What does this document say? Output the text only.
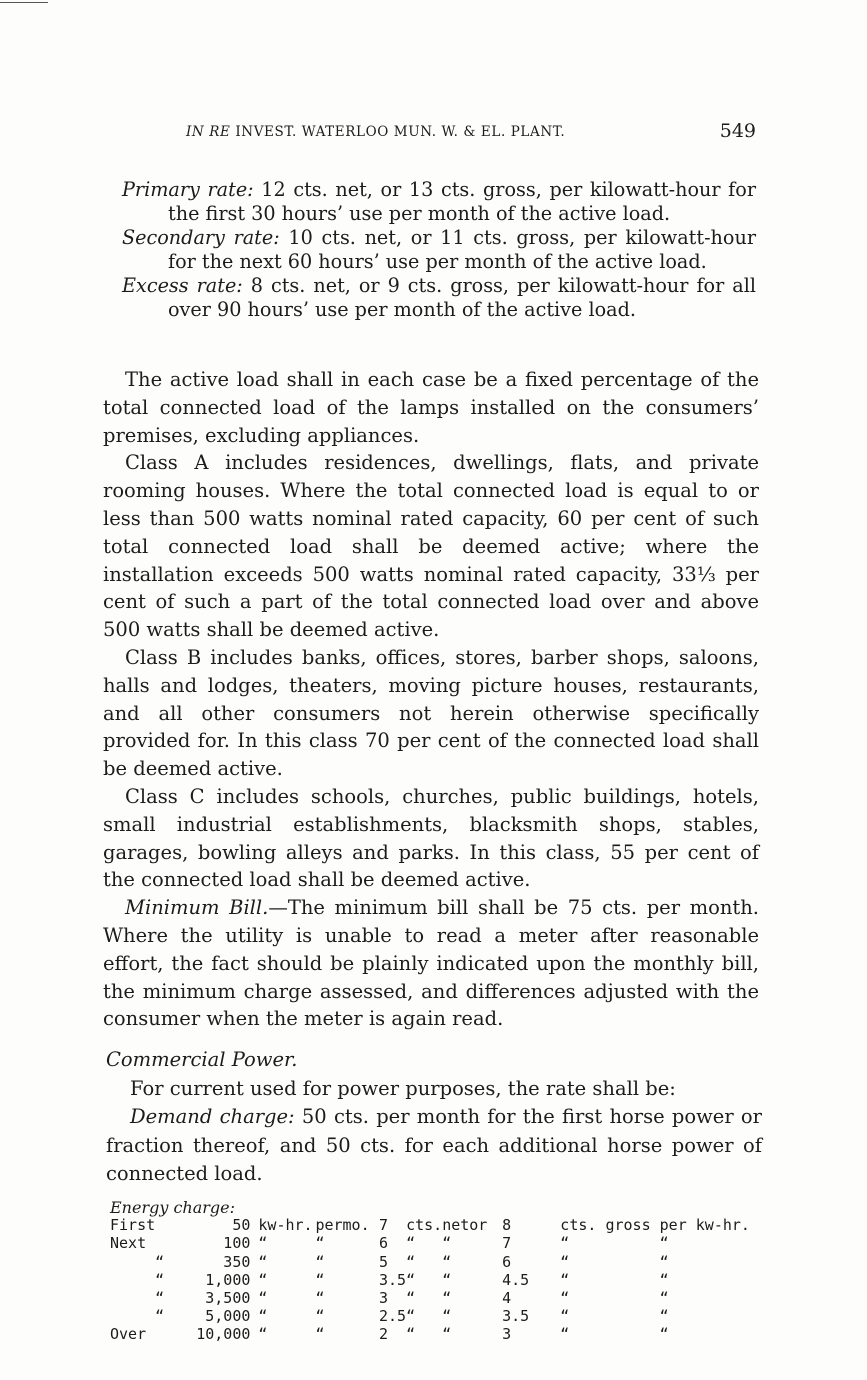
IN RE INVEST. WATERLOO MUN. W. & EL. PLANT.	549

Primary rate: 12 cts. net, or 13 cts. gross, per kilowatt-hour for the first 30 hours’ use per month of the active load.

Secondary rate: 10 cts. net, or 11 cts. gross, per kilowatt-hour for the next 60 hours’ use per month of the active load.

Excess rate: 8 cts. net, or 9 cts. gross, per kilowatt-hour for all over 90 hours’ use per month of the active load.

The active load shall in each case be a fixed percentage of the total connected load of the lamps installed on the consumers’ premises, excluding appliances.

Class A includes residences, dwellings, flats, and private rooming houses. Where the total connected load is equal to or less than 500 watts nominal rated capacity, 60 per cent of such total connected load shall be deemed active; where the installation exceeds 500 watts nominal rated capacity, 33⅓ per cent of such a part of the total connected load over and above 500 watts shall be deemed active.

Class B includes banks, offices, stores, barber shops, saloons, halls and lodges, theaters, moving picture houses, restaurants, and all other consumers not herein otherwise specifically provided for. In this class 70 per cent of the connected load shall be deemed active.

Class C includes schools, churches, public buildings, hotels, small industrial establishments, blacksmith shops, stables, garages, bowling alleys and parks. In this class, 55 per cent of the connected load shall be deemed active.

Minimum Bill.—The minimum bill shall be 75 cts. per month. Where the utility is unable to read a meter after reasonable effort, the fact should be plainly indicated upon the monthly bill, the minimum charge assessed, and differences adjusted with the consumer when the meter is again read.

Commercial Power.

For current used for power purposes, the rate shall be:

Demand charge: 50 cts. per month for the first horse power or fraction thereof, and 50 cts. for each additional horse power of connected load.

Energy charge:
First		50	kw-hr.	per	mo.	7	cts.	net	or	8	cts. gross per kw-hr.
Next		100	“	“		6	“	“		7	“          “
	“	350	“	“		5	“	“		6	“          “
	“	1,000	“	“		3.5	“	“		4.5	“          “
	“	3,500	“	“		3	“	“		4	“          “
	“	5,000	“	“		2.5	“	“		3.5	“          “
Over		10,000	“	“		2	“	“		3	“          “
